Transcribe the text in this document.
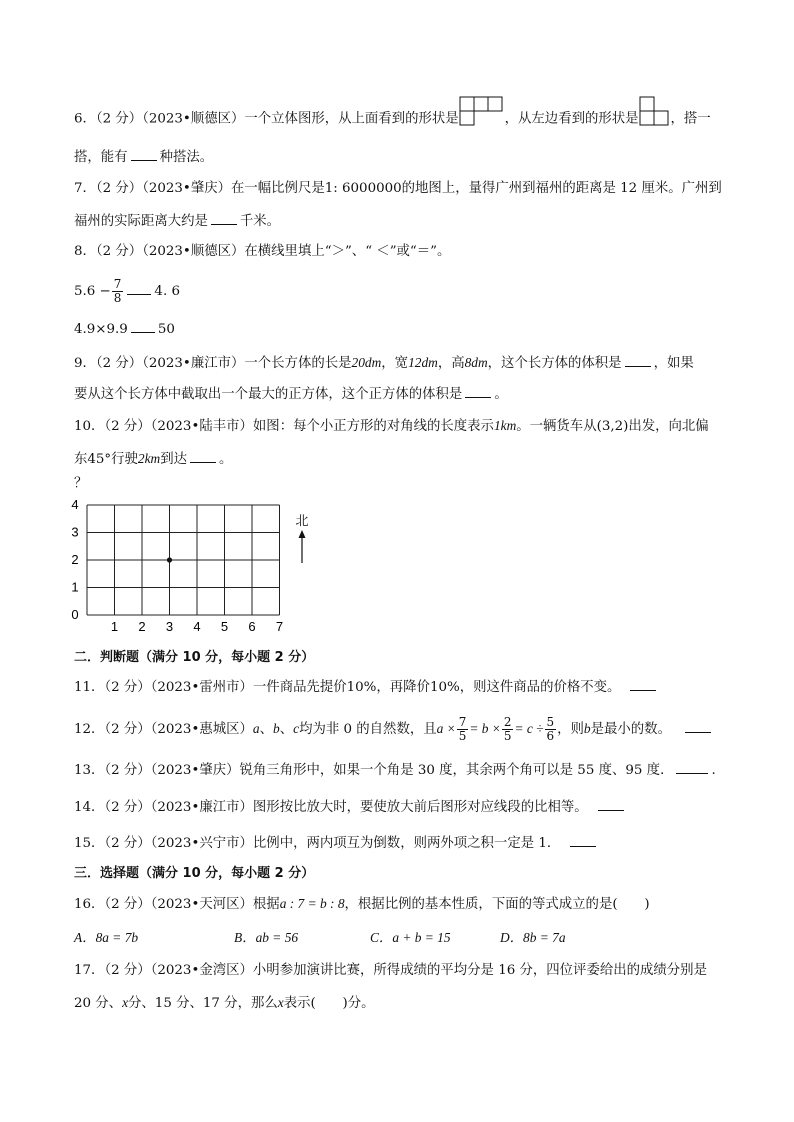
6．（2 分）（2023•顺德区）一个立体图形，从上面看到的形状是	，从左边看到的形状是 ，搭一
搭，能有 种搭法。
7．（2 分）（2023•肇庆）在一幅比例尺是1: 6000000的地图上，量得广州到福州的距离是 12 厘米。广州到
福州的实际距离大约是 千米。
8．（2 分）（2023•顺德区）在横线里填上“＞”、“ ＜”或“＝”。
$5.6 - \frac{7}{8} 4$. 6
4.9×9.9 50
9．（2 分）（2023•廉江市）一个长方体的长是20dm，宽12dm，高8dm，这个长方体的体积是 ，如果
要从这个长方体中截取出一个最大的正方体，这个正方体的体积是 。
10．（2 分）（2023•陆丰市）如图：每个小正方形的对角线的长度表示1km。一辆货车从(3,2)出发，向北偏
东45°行驶2km到达 。
？
1 2 3 4 5 6 7
0
1
2
3
4
北
二．判断题（满分 10 分，每小题 2 分）
11．（2 分）（2023•雷州市）一件商品先提价10%，再降价10%，则这件商品的价格不变。
12．（2 分）（2023•惠城区）a、b、c均为非 0 的自然数，且$a \times \frac{7}{5} = b \times \frac{2}{5} = c \div \frac{5}{6}$ ，则b是最小的数。
13．（2 分）（2023•肇庆）锐角三角形中，如果一个角是 30 度，其余两个角可以是 55 度、95 度．	.
14．（2 分）（2023•廉江市）图形按比放大时，要使放大前后图形对应线段的比相等。
15．（2 分）（2023•兴宁市）比例中，两内项互为倒数，则两外项之积一定是 1．
三．选择题（满分 10 分，每小题 2 分）
16．（2 分）（2023•天河区）根据a : 7 = b : 8，根据比例的基本性质，下面的等式成立的是(　　)
A．8a = 7b	B．ab = 56	C．a + b = 15	D．8b = 7a
17．（2 分）（2023•金湾区）小明参加演讲比赛，所得成绩的平均分是 16 分，四位评委给出的成绩分别是
20 分、x分、15 分、17 分，那么x表示(　　)分。
